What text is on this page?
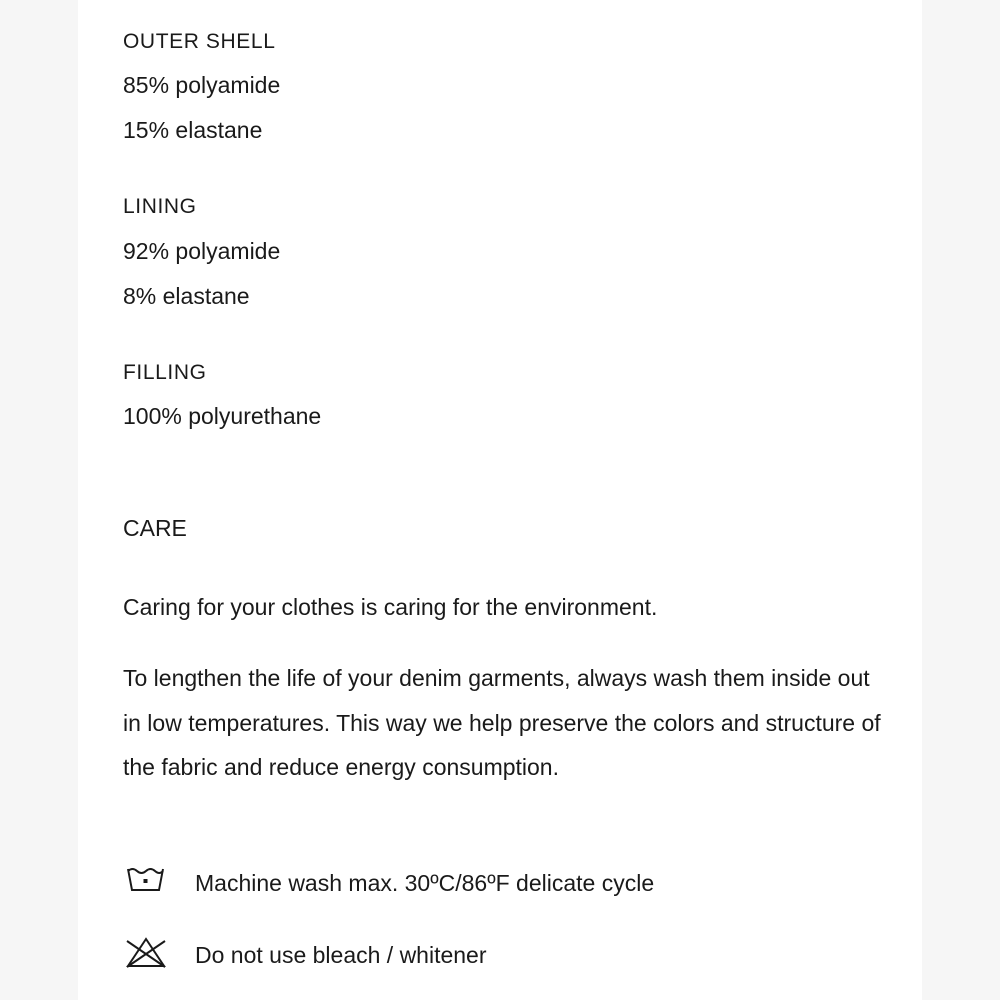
OUTER SHELL
85% polyamide
15% elastane
LINING
92% polyamide
8% elastane
FILLING
100% polyurethane
CARE
Caring for your clothes is caring for the environment.
To lengthen the life of your denim garments, always wash them inside out in low temperatures. This way we help preserve the colors and structure of the fabric and reduce energy consumption.
Machine wash max. 30ºC/86ºF delicate cycle
Do not use bleach / whitener
